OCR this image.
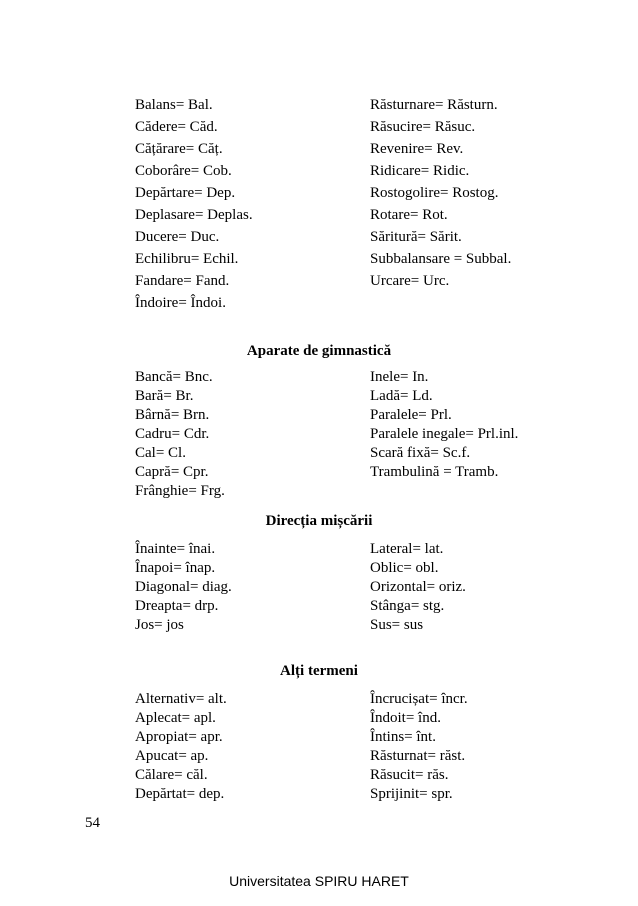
Balans= Bal.	Răsturnare= Răsturn.
Cădere= Căd.	Răsucire= Răsuc.
Cățărare= Căț.	Revenire= Rev.
Coborâre= Cob.	Ridicare= Ridic.
Depărtare= Dep.	Rostogolire= Rostog.
Deplasare= Deplas.	Rotare= Rot.
Ducere= Duc.	Săritură= Sărit.
Echilibru= Echil.	Subbalansare = Subbal.
Fandare= Fand.	Urcare= Urc.
Îndoire= Îndoi.
Aparate de gimnastică
Bancă= Bnc.	Inele= In.
Bară= Br.	Ladă= Ld.
Bârnă= Brn.	Paralele= Prl.
Cadru= Cdr.	Paralele inegale= Prl.inl.
Cal= Cl.	Scară fixă= Sc.f.
Capră= Cpr.	Trambulină = Tramb.
Frânghie= Frg.
Direcția mișcării
Înainte= înai.	Lateral= lat.
Înapoi= înap.	Oblic= obl.
Diagonal= diag.	Orizontal= oriz.
Dreapta= drp.	Stânga= stg.
Jos= jos	Sus= sus
Alți termeni
Alternativ= alt.	Încrucișat= încr.
Aplecat= apl.	Îndoit= înd.
Apropiat= apr.	Întins= înt.
Apucat= ap.	Răsturnat= răst.
Călare= căl.	Răsucit= răs.
Depărtat= dep.	Sprijinit= spr.
54
Universitatea SPIRU HARET
